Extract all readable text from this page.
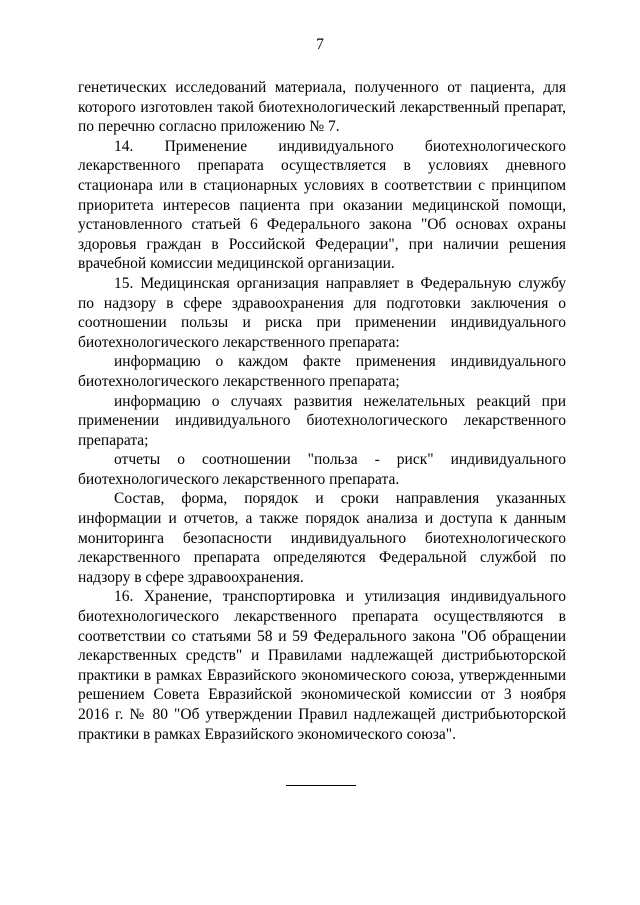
7

генетических исследований материала, полученного от пациента, для которого изготовлен такой биотехнологический лекарственный препарат, по перечню согласно приложению № 7.

14. Применение индивидуального биотехнологического лекарственного препарата осуществляется в условиях дневного стационара или в стационарных условиях в соответствии с принципом приоритета интересов пациента при оказании медицинской помощи, установленного статьей 6 Федерального закона "Об основах охраны здоровья граждан в Российской Федерации", при наличии решения врачебной комиссии медицинской организации.

15. Медицинская организация направляет в Федеральную службу по надзору в сфере здравоохранения для подготовки заключения о соотношении пользы и риска при применении индивидуального биотехнологического лекарственного препарата:

информацию о каждом факте применения индивидуального биотехнологического лекарственного препарата;

информацию о случаях развития нежелательных реакций при применении индивидуального биотехнологического лекарственного препарата;

отчеты о соотношении "польза - риск" индивидуального биотехнологического лекарственного препарата.

Состав, форма, порядок и сроки направления указанных информации и отчетов, а также порядок анализа и доступа к данным мониторинга безопасности индивидуального биотехнологического лекарственного препарата определяются Федеральной службой по надзору в сфере здравоохранения.

16. Хранение, транспортировка и утилизация индивидуального биотехнологического лекарственного препарата осуществляются в соответствии со статьями 58 и 59 Федерального закона "Об обращении лекарственных средств" и Правилами надлежащей дистрибьюторской практики в рамках Евразийского экономического союза, утвержденными решением Совета Евразийской экономической комиссии от 3 ноября 2016 г. № 80 "Об утверждении Правил надлежащей дистрибьюторской практики в рамках Евразийского экономического союза".
